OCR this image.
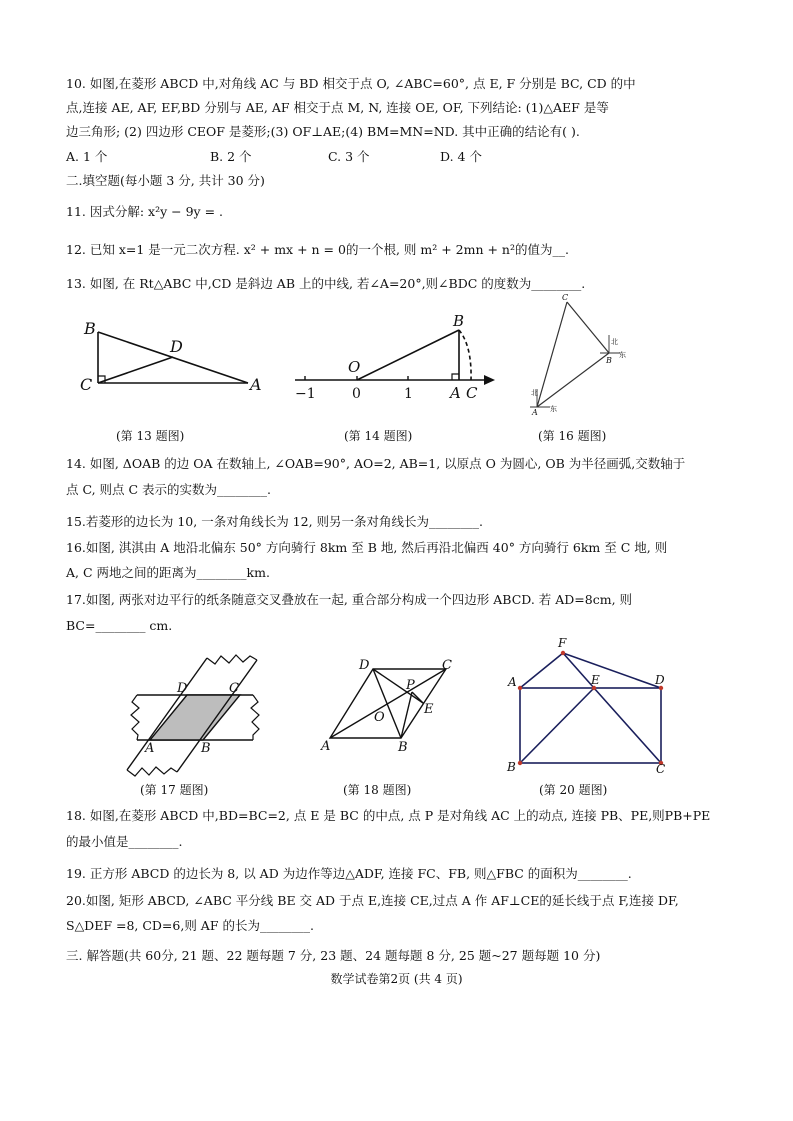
10. 如图,在菱形 ABCD 中,对角线 AC 与 BD 相交于点 O, ∠ABC=60°, 点 E, F 分别是 BC, CD 的中
点,连接 AE, AF, EF,BD 分别与 AE, AF 相交于点 M, N, 连接 OE, OF, 下列结论: (1)△AEF 是等
边三角形; (2) 四边形 CEOF 是菱形;(3) OF⊥AE;(4) BM=MN=ND. 其中正确的结论有( ).
A. 1 个	B. 2 个	C. 3 个	D. 4 个
二.填空题(每小题 3 分, 共计 30 分)
11. 因式分解: x²y − 9y = .
12. 已知 x=1 是一元二次方程. x² + mx + n = 0的一个根, 则 m² + 2mn + n²的值为__.
13. 如图, 在 Rt△ABC 中,CD 是斜边 AB 上的中线, 若∠A=20°,则∠BDC 的度数为________.
B
C
D
A
(第 13 题图)
B
O
A C
−1	0	1
(第 14 题图)
C
B
A
北
东
北
东
(第 16 题图)
14. 如图, ΔOAB 的边 OA 在数轴上, ∠OAB=90°, AO=2, AB=1, 以原点 O 为圆心, OB 为半径画弧,交数轴于
点 C, 则点 C 表示的实数为________.
15.若菱形的边长为 10, 一条对角线长为 12, 则另一条对角线长为________.
16.如图, 淇淇由 A 地沿北偏东 50° 方向骑行 8km 至 B 地, 然后再沿北偏西 40° 方向骑行 6km 至 C 地, 则
A, C 两地之间的距离为________km.
17.如图, 两张对边平行的纸条随意交叉叠放在一起, 重合部分构成一个四边形 ABCD. 若 AD=8cm, 则
BC=________ cm.
D	C
A	B
(第 17 题图)
D	C
P
E
O
A	B
(第 18 题图)
F
A	E	D
B	C
(第 20 题图)
18. 如图,在菱形 ABCD 中,BD=BC=2, 点 E 是 BC 的中点, 点 P 是对角线 AC 上的动点, 连接 PB、PE,则PB+PE
的最小值是________.
19. 正方形 ABCD 的边长为 8, 以 AD 为边作等边△ADF, 连接 FC、FB, 则△FBC 的面积为________.
20.如图, 矩形 ABCD, ∠ABC 平分线 BE 交 AD 于点 E,连接 CE,过点 A 作 AF⊥CE的延长线于点 F,连接 DF,
S△DEF =8, CD=6,则 AF 的长为________.
三. 解答题(共 60分, 21 题、22 题每题 7 分, 23 题、24 题每题 8 分, 25 题~27 题每题 10 分)
数学试卷第2页 (共 4 页)
